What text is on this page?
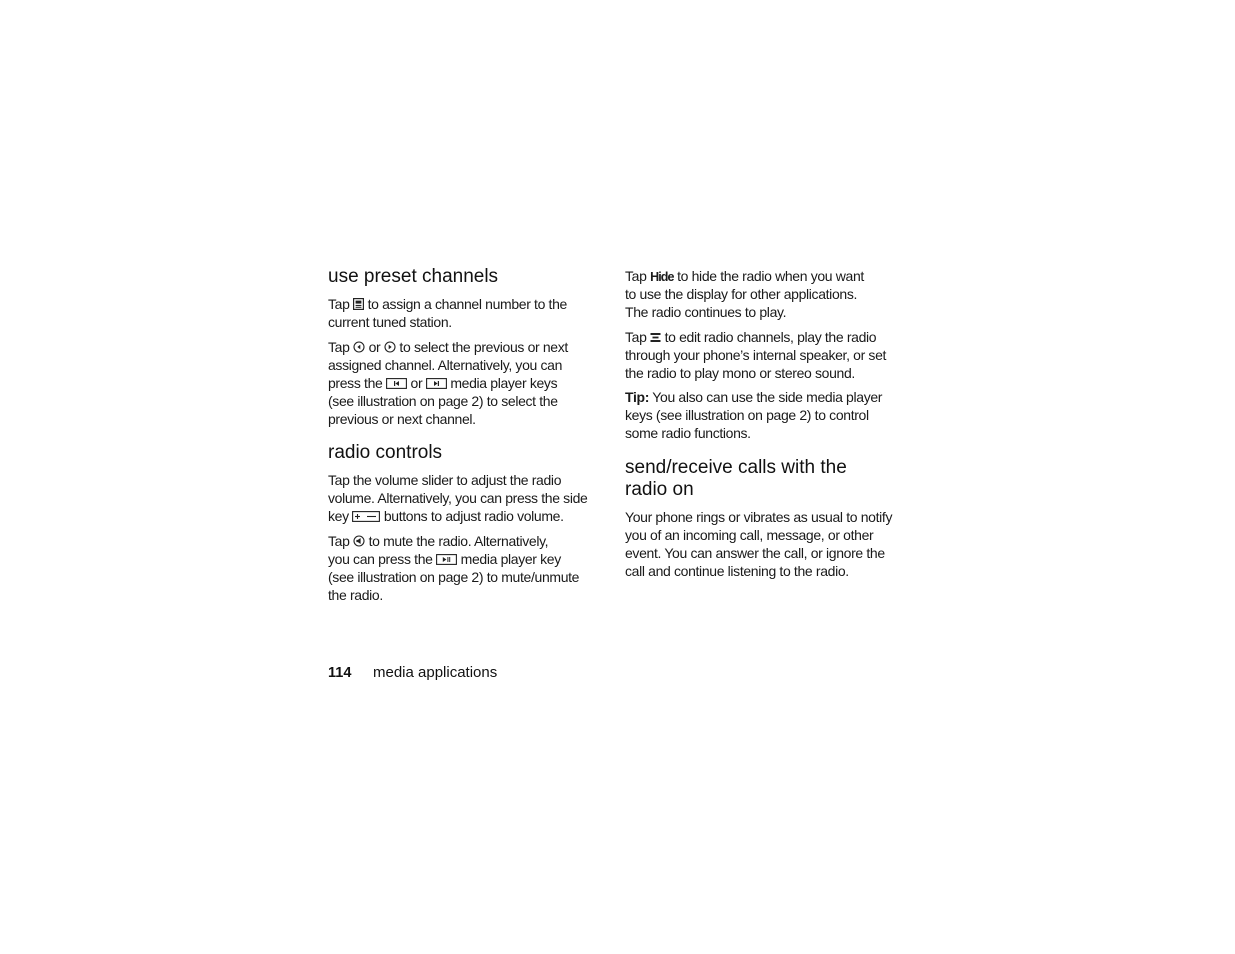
use preset channels
Tap
to assign a channel number to the
current tuned station.
Tap
or
to select the previous or next
assigned channel. Alternatively, you can
press the
or
media player keys
(see illustration on page 2) to select the
previous or next channel.
radio controls
Tap the volume slider to adjust the radio
volume. Alternatively, you can press the side
key
buttons to adjust radio volume.
Tap
to mute the radio. Alternatively,
you can press the
media player key
(see illustration on page 2) to mute/unmute
the radio.
Tap Hide to hide the radio when you want
to use the display for other applications.
The radio continues to play.
Tap
to edit radio channels, play the radio
through your phone’s internal speaker, or set
the radio to play mono or stereo sound.
Tip: You also can use the side media player
keys (see illustration on page 2) to control
some radio functions.
send/receive calls with the
radio on
Your phone rings or vibrates as usual to notify
you of an incoming call, message, or other
event. You can answer the call, or ignore the
call and continue listening to the radio.
114 media applications
